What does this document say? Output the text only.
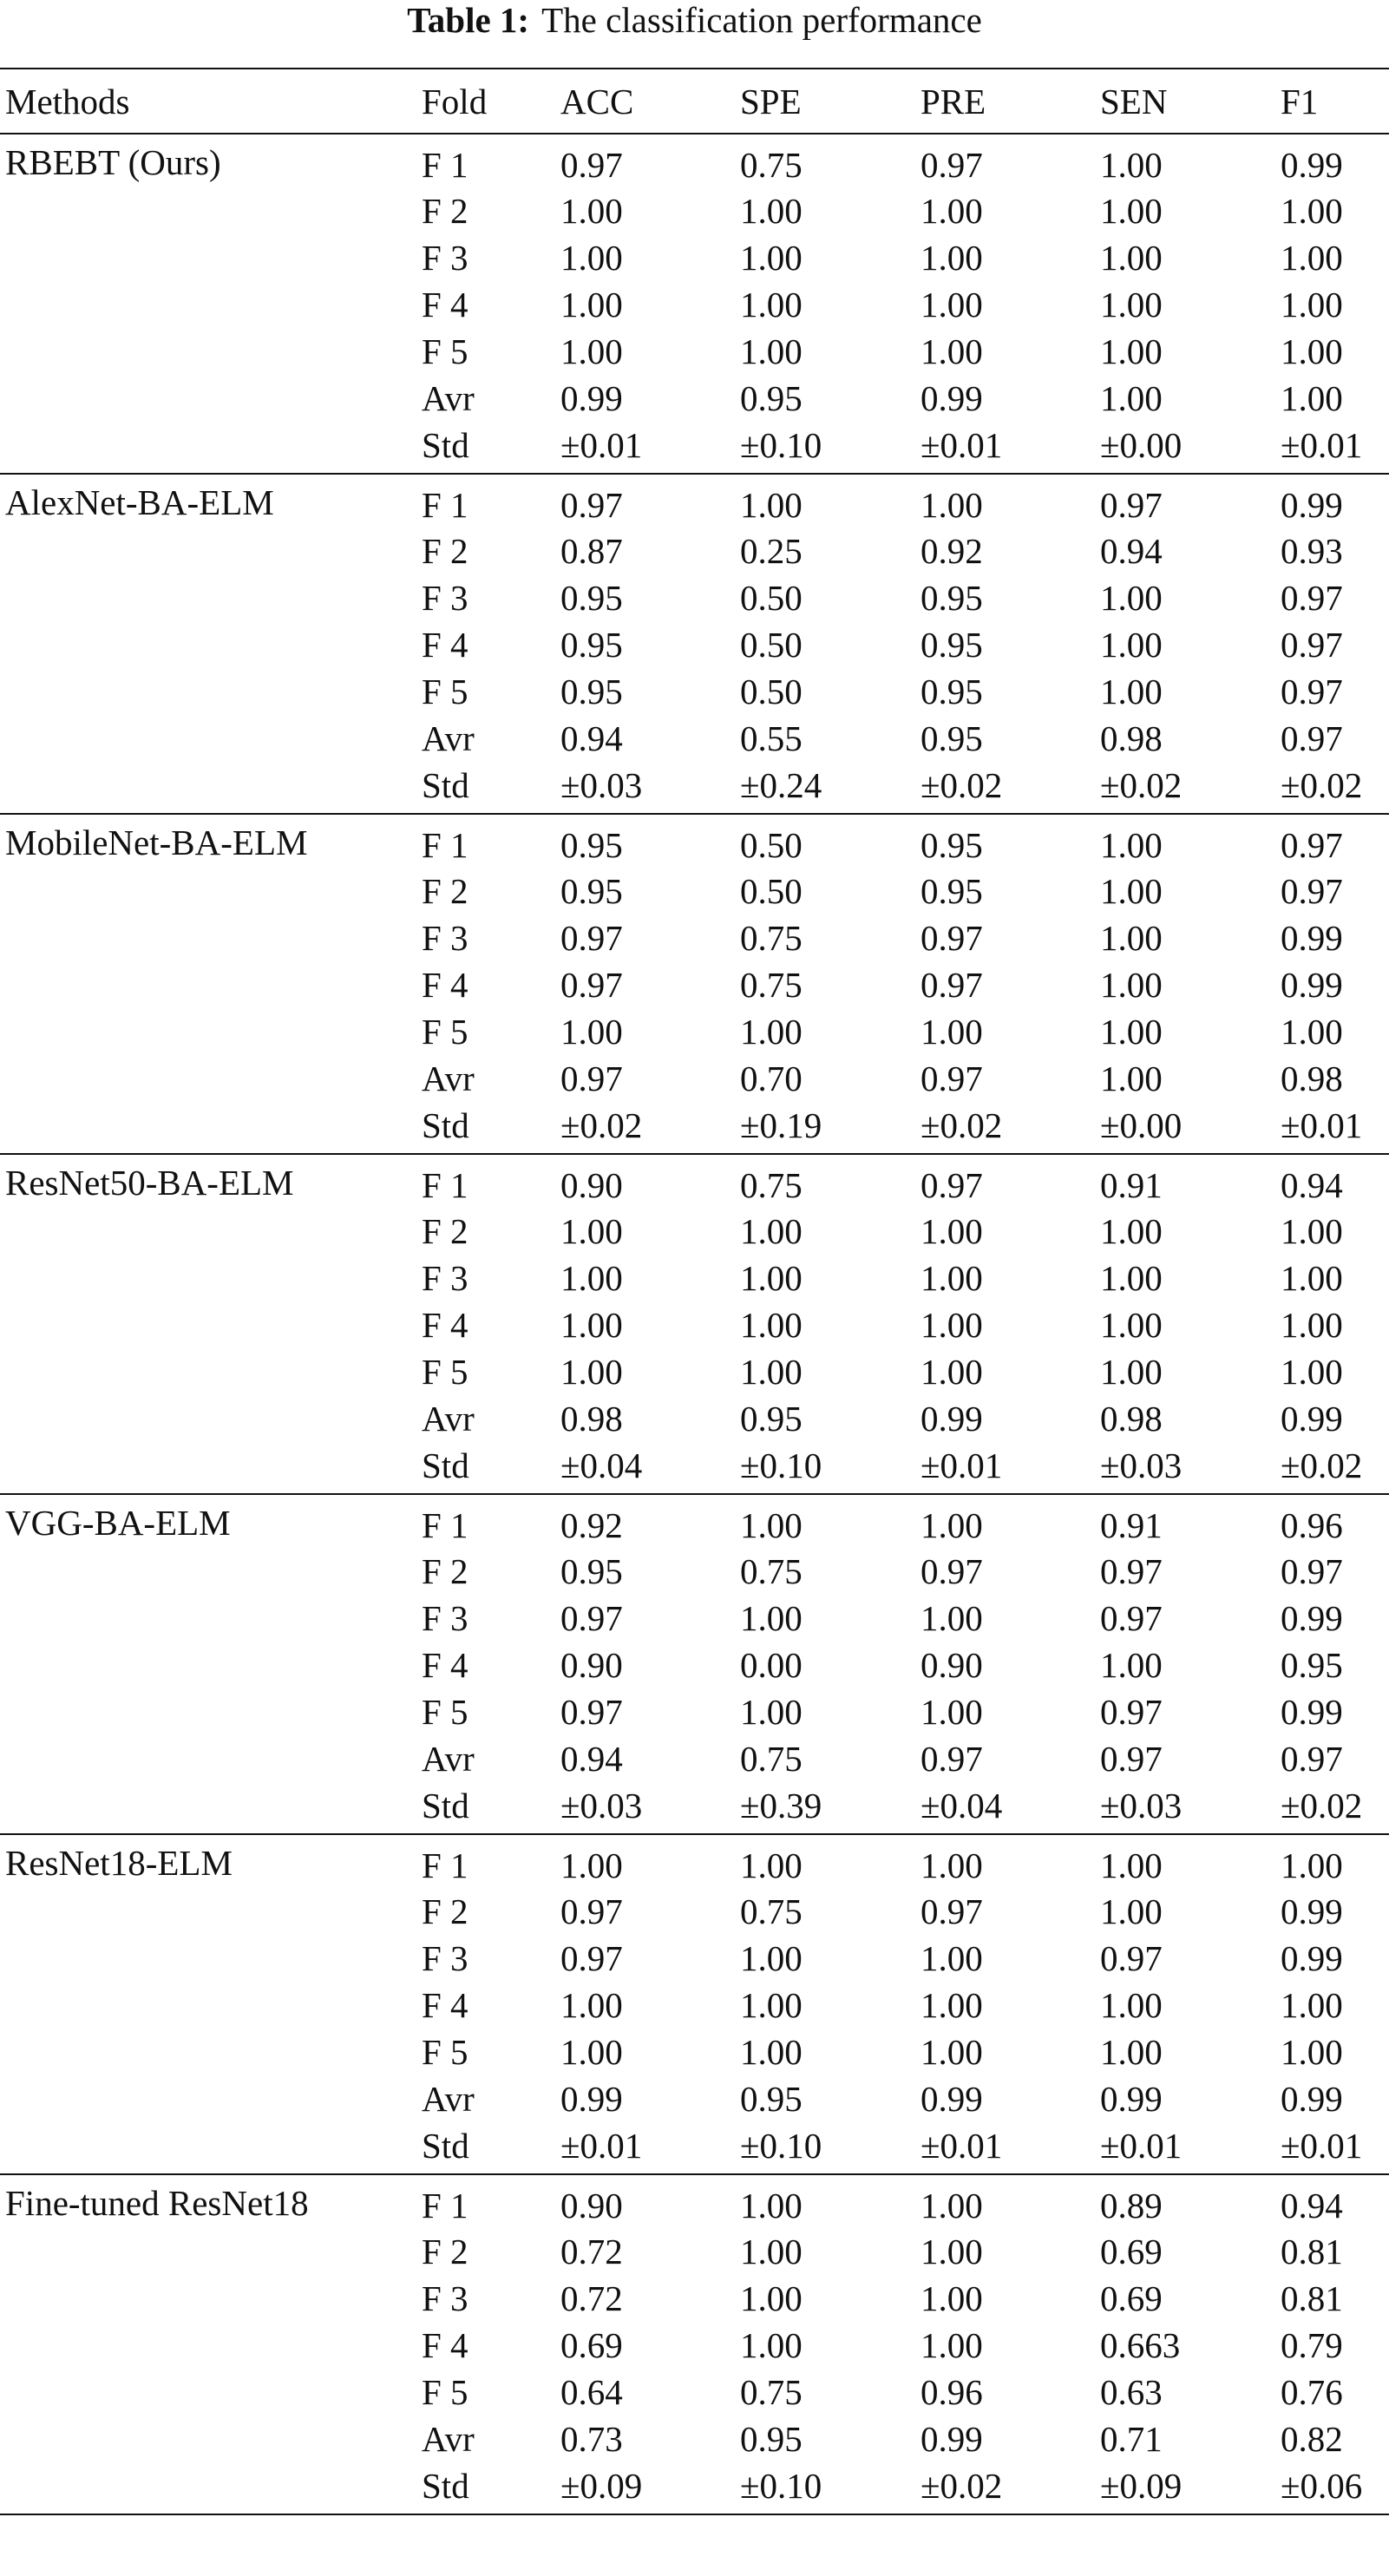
Table 1: The classification performance
Methods	Fold	ACC	SPE	PRE	SEN	F1
RBEBT (Ours)	F 1	0.97	0.75	0.97	1.00	0.99
	F 2	1.00	1.00	1.00	1.00	1.00
	F 3	1.00	1.00	1.00	1.00	1.00
	F 4	1.00	1.00	1.00	1.00	1.00
	F 5	1.00	1.00	1.00	1.00	1.00
	Avr	0.99	0.95	0.99	1.00	1.00
	Std	±0.01	±0.10	±0.01	±0.00	±0.01
AlexNet-BA-ELM	F 1	0.97	1.00	1.00	0.97	0.99
	F 2	0.87	0.25	0.92	0.94	0.93
	F 3	0.95	0.50	0.95	1.00	0.97
	F 4	0.95	0.50	0.95	1.00	0.97
	F 5	0.95	0.50	0.95	1.00	0.97
	Avr	0.94	0.55	0.95	0.98	0.97
	Std	±0.03	±0.24	±0.02	±0.02	±0.02
MobileNet-BA-ELM	F 1	0.95	0.50	0.95	1.00	0.97
	F 2	0.95	0.50	0.95	1.00	0.97
	F 3	0.97	0.75	0.97	1.00	0.99
	F 4	0.97	0.75	0.97	1.00	0.99
	F 5	1.00	1.00	1.00	1.00	1.00
	Avr	0.97	0.70	0.97	1.00	0.98
	Std	±0.02	±0.19	±0.02	±0.00	±0.01
ResNet50-BA-ELM	F 1	0.90	0.75	0.97	0.91	0.94
	F 2	1.00	1.00	1.00	1.00	1.00
	F 3	1.00	1.00	1.00	1.00	1.00
	F 4	1.00	1.00	1.00	1.00	1.00
	F 5	1.00	1.00	1.00	1.00	1.00
	Avr	0.98	0.95	0.99	0.98	0.99
	Std	±0.04	±0.10	±0.01	±0.03	±0.02
VGG-BA-ELM	F 1	0.92	1.00	1.00	0.91	0.96
	F 2	0.95	0.75	0.97	0.97	0.97
	F 3	0.97	1.00	1.00	0.97	0.99
	F 4	0.90	0.00	0.90	1.00	0.95
	F 5	0.97	1.00	1.00	0.97	0.99
	Avr	0.94	0.75	0.97	0.97	0.97
	Std	±0.03	±0.39	±0.04	±0.03	±0.02
ResNet18-ELM	F 1	1.00	1.00	1.00	1.00	1.00
	F 2	0.97	0.75	0.97	1.00	0.99
	F 3	0.97	1.00	1.00	0.97	0.99
	F 4	1.00	1.00	1.00	1.00	1.00
	F 5	1.00	1.00	1.00	1.00	1.00
	Avr	0.99	0.95	0.99	0.99	0.99
	Std	±0.01	±0.10	±0.01	±0.01	±0.01
Fine-tuned ResNet18	F 1	0.90	1.00	1.00	0.89	0.94
	F 2	0.72	1.00	1.00	0.69	0.81
	F 3	0.72	1.00	1.00	0.69	0.81
	F 4	0.69	1.00	1.00	0.663	0.79
	F 5	0.64	0.75	0.96	0.63	0.76
	Avr	0.73	0.95	0.99	0.71	0.82
	Std	±0.09	±0.10	±0.02	±0.09	±0.06
